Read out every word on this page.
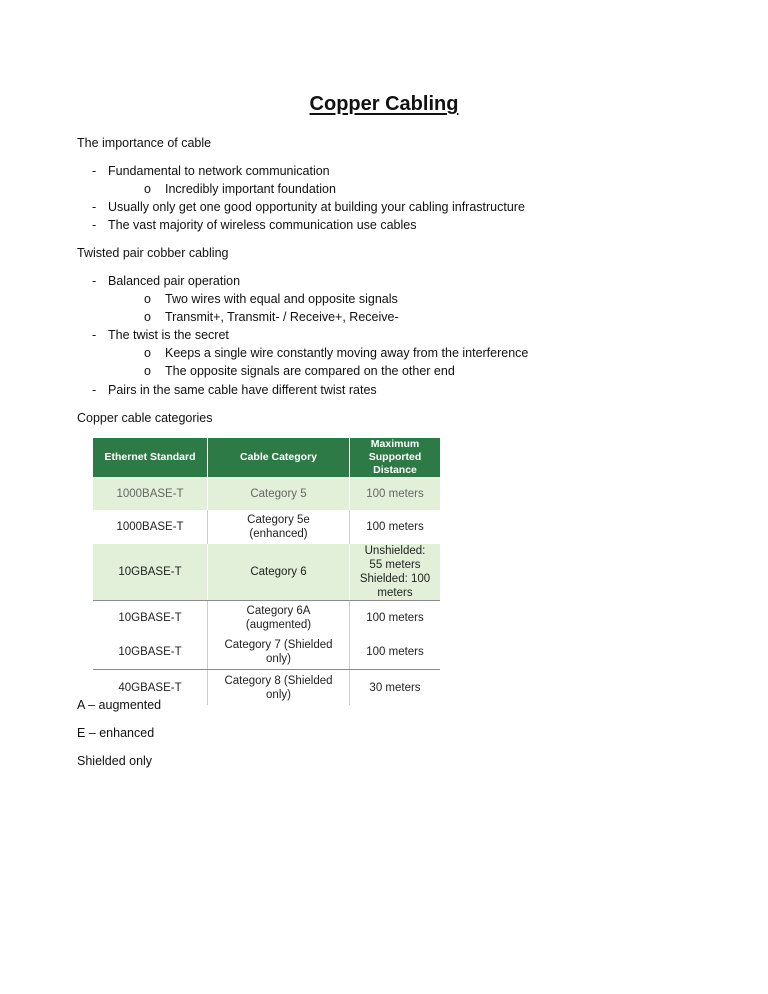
Copper Cabling
The importance of cable
- Fundamental to network communication
o Incredibly important foundation
- Usually only get one good opportunity at building your cabling infrastructure
- The vast majority of wireless communication use cables
Twisted pair cobber cabling
- Balanced pair operation
o Two wires with equal and opposite signals
o Transmit+, Transmit- / Receive+, Receive-
- The twist is the secret
o Keeps a single wire constantly moving away from the interference
o The opposite signals are compared on the other end
- Pairs in the same cable have different twist rates
Copper cable categories
Ethernet Standard	Cable Category	Maximum Supported Distance
1000BASE-T	Category 5	100 meters
1000BASE-T	Category 5e (enhanced)	100 meters
10GBASE-T	Category 6	Unshielded: 55 meters Shielded: 100 meters
10GBASE-T	Category 6A (augmented)	100 meters
10GBASE-T	Category 7 (Shielded only)	100 meters
40GBASE-T	Category 8 (Shielded only)	30 meters
A – augmented
E – enhanced
Shielded only
